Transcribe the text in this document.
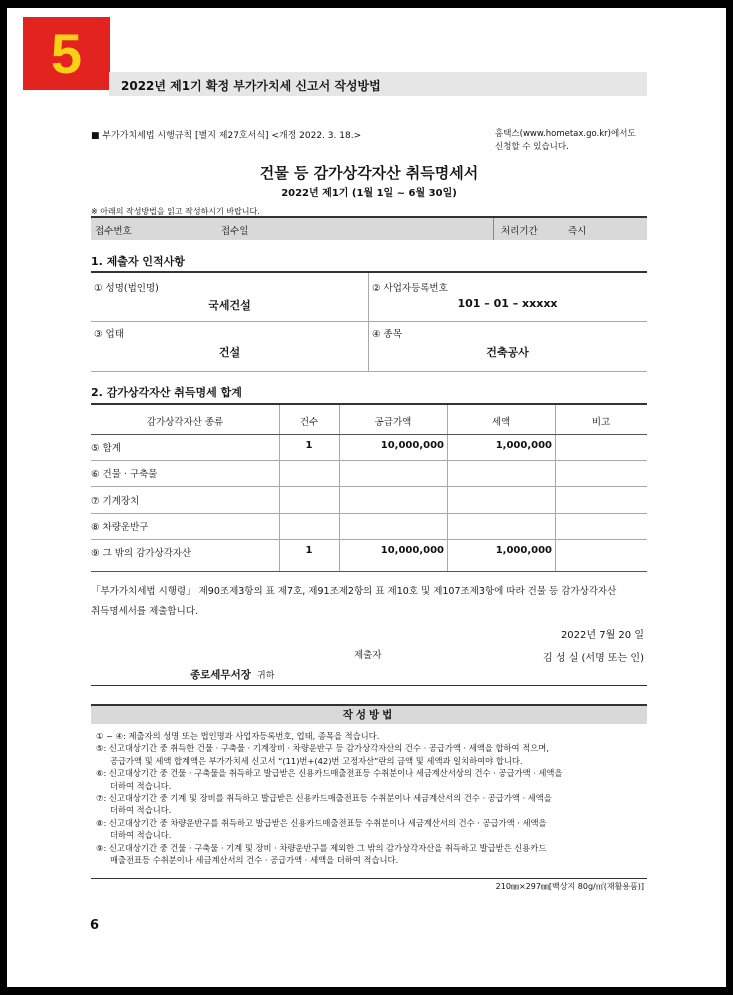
5
2022년 제1기 확정 부가가치세 신고서 작성방법
■ 부가가치세법 시행규칙 [별지 제27호서식] <개정 2022. 3. 18.>	홈택스(www.hometax.go.kr)에서도
신청할 수 있습니다.
건물 등 감가상각자산 취득명세서
2022년 제1기 (1월 1일 ~ 6월 30일)
※ 아래의 작성방법을 읽고 작성하시기 바랍니다.
접수번호	접수일	처리기간	즉시
1. 제출자 인적사항
① 성명(법인명)
국세건설
② 사업자등록번호
101 – 01 – xxxxx
③ 업태
건설
④ 종목
건축공사
2. 감가상각자산 취득명세 합계
감가상각자산 종류	건수	공급가액	세액	비고
⑤ 합계	1	10,000,000	1,000,000
⑥ 건물 · 구축물
⑦ 기계장치
⑧ 차량운반구
⑨ 그 밖의 감가상각자산	1	10,000,000	1,000,000
「부가가치세법 시행령」 제90조제3항의 표 제7호, 제91조제2항의 표 제10호 및 제107조제3항에 따라 건물 등 감가상각자산
취득명세서를 제출합니다.
2022년 7월 20 일
제출자	김 성 실 (서명 또는 인)
종로세무서장 귀하
작성방법
① ~ ④: 제출자의 성명 또는 법인명과 사업자등록번호, 업태, 종목을 적습니다.
⑤: 신고대상기간 중 취득한 건물 · 구축물 · 기계장비 · 차량운반구 등 감가상각자산의 건수 · 공급가액 · 세액을 합하여 적으며,
공급가액 및 세액 합계액은 부가가치세 신고서 “(11)번+(42)번 고정자산”란의 금액 및 세액과 일치하여야 합니다.
⑥: 신고대상기간 중 건물 · 구축물을 취득하고 발급받은 신용카드매출전표등 수취분이나 세금계산서상의 건수 · 공급가액 · 세액을
더하여 적습니다.
⑦: 신고대상기간 중 기계 및 장비를 취득하고 발급받은 신용카드매출전표등 수취분이나 세금계산서의 건수 · 공급가액 · 세액을
더하여 적습니다.
⑧: 신고대상기간 중 차량운반구를 취득하고 발급받은 신용카드매출전표등 수취분이나 세금계산서의 건수 · 공급가액 · 세액을
더하여 적습니다.
⑨: 신고대상기간 중 건물 · 구축물 · 기계 및 장비 · 차량운반구를 제외한 그 밖의 감가상각자산을 취득하고 발급받은 신용카드
매출전표등 수취분이나 세금계산서의 건수 · 공급가액 · 세액을 더하여 적습니다.
210㎜×297㎜[백상지 80g/㎡(재활용품)]
6
